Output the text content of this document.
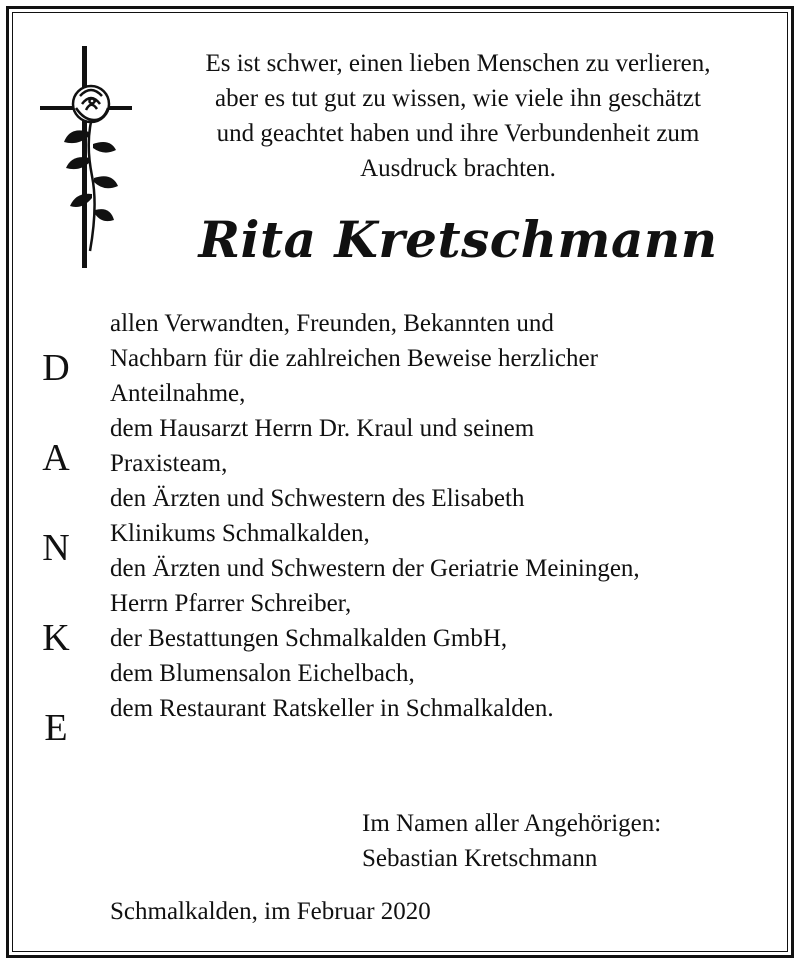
Es ist schwer, einen lieben Menschen zu verlieren,
aber es tut gut zu wissen, wie viele ihn geschätzt
und geachtet haben und ihre Verbundenheit zum
Ausdruck brachten.
Rita Kretschmann
D
A
N
K
E
allen Verwandten, Freunden, Bekannten und
Nachbarn für die zahlreichen Beweise herzlicher
Anteilnahme,
dem Hausarzt Herrn Dr. Kraul und seinem
Praxisteam,
den Ärzten und Schwestern des Elisabeth
Klinikums Schmalkalden,
den Ärzten und Schwestern der Geriatrie Meiningen,
Herrn Pfarrer Schreiber,
der Bestattungen Schmalkalden GmbH,
dem Blumensalon Eichelbach,
dem Restaurant Ratskeller in Schmalkalden.
Im Namen aller Angehörigen:
Sebastian Kretschmann
Schmalkalden, im Februar 2020
